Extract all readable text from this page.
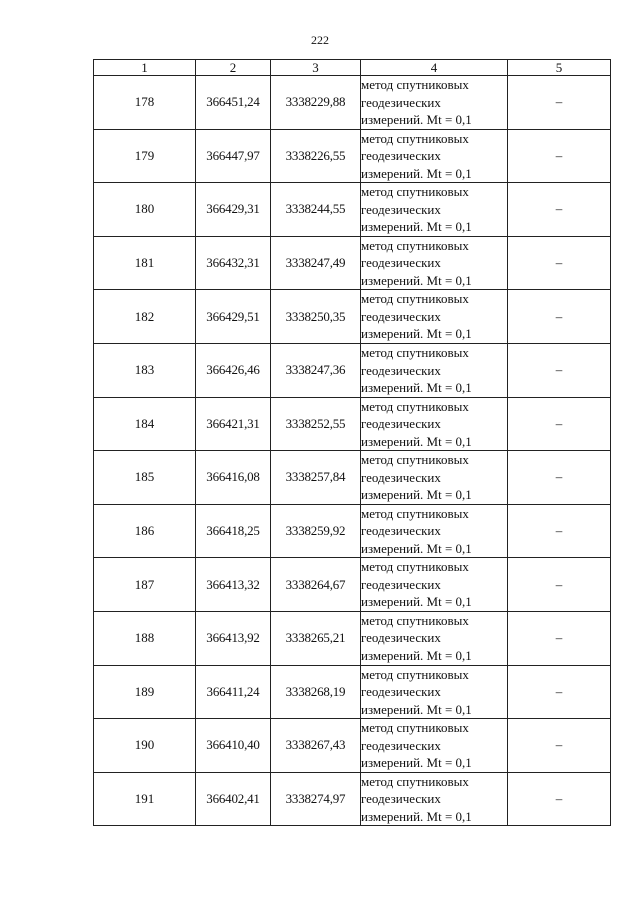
222
1	2	3	4	5
178	366451,24	3338229,88	метод спутниковых
геодезических
измерений. Mt = 0,1	–
179	366447,97	3338226,55	метод спутниковых
геодезических
измерений. Mt = 0,1	–
180	366429,31	3338244,55	метод спутниковых
геодезических
измерений. Mt = 0,1	–
181	366432,31	3338247,49	метод спутниковых
геодезических
измерений. Mt = 0,1	–
182	366429,51	3338250,35	метод спутниковых
геодезических
измерений. Mt = 0,1	–
183	366426,46	3338247,36	метод спутниковых
геодезических
измерений. Mt = 0,1	–
184	366421,31	3338252,55	метод спутниковых
геодезических
измерений. Mt = 0,1	–
185	366416,08	3338257,84	метод спутниковых
геодезических
измерений. Mt = 0,1	–
186	366418,25	3338259,92	метод спутниковых
геодезических
измерений. Mt = 0,1	–
187	366413,32	3338264,67	метод спутниковых
геодезических
измерений. Mt = 0,1	–
188	366413,92	3338265,21	метод спутниковых
геодезических
измерений. Mt = 0,1	–
189	366411,24	3338268,19	метод спутниковых
геодезических
измерений. Mt = 0,1	–
190	366410,40	3338267,43	метод спутниковых
геодезических
измерений. Mt = 0,1	–
191	366402,41	3338274,97	метод спутниковых
геодезических
измерений. Mt = 0,1	–
